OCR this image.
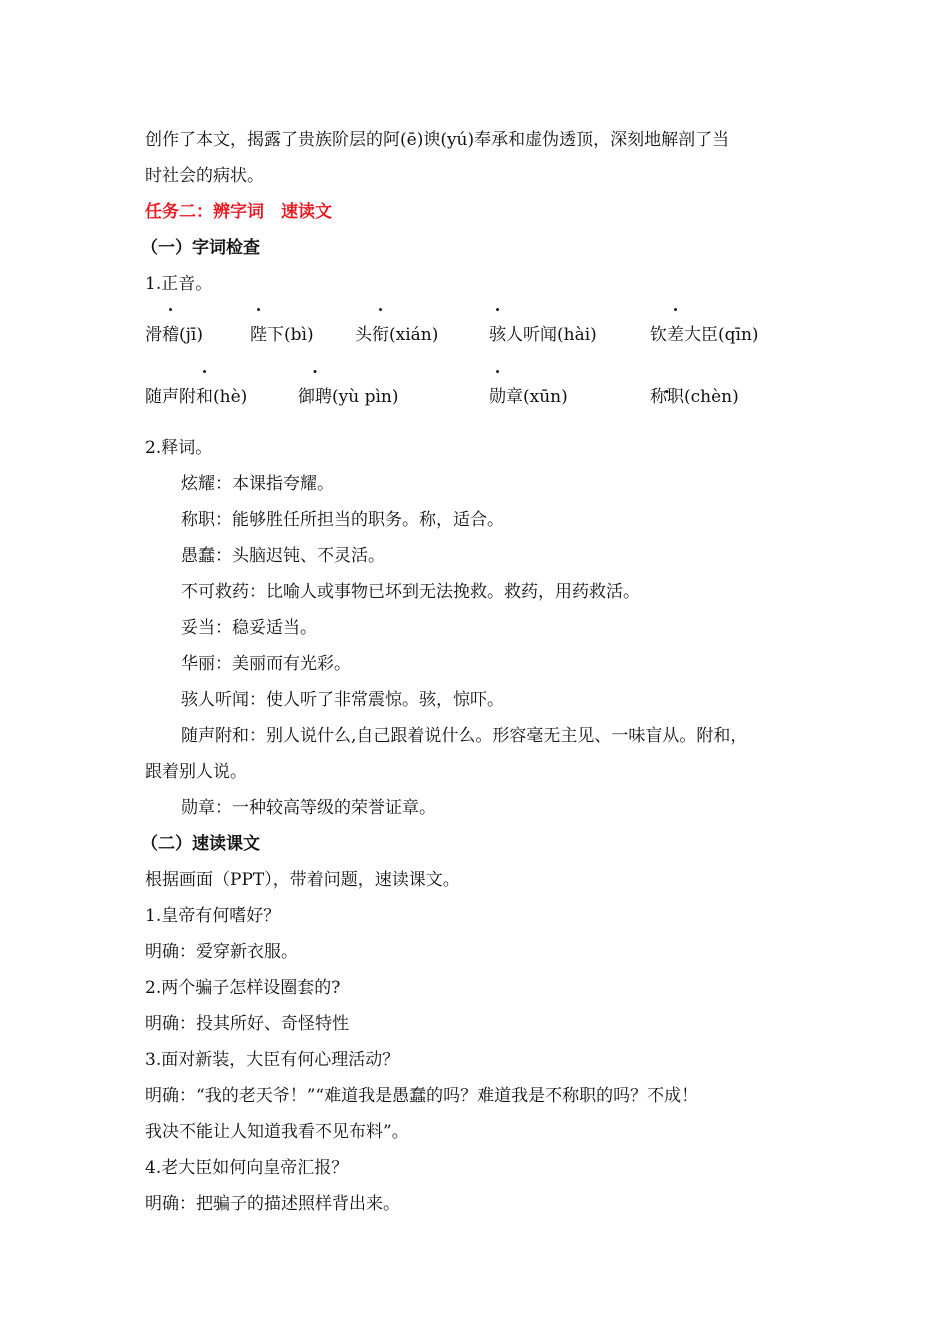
创作了本文，揭露了贵族阶层的阿(ē)谀(yú)奉承和虚伪透顶，深刻地解剖了当
时社会的病状。
任务二：辨字词　速读文
（一）字词检查
1.正音。
滑稽(jī)	陛下(bì) 头衔(xián)	骇人听闻(hài)	钦差大臣(qīn)
随声附和(hè)	御聘(yù pìn)	勋章(xūn)	称职(chèn)
2.释词。
炫耀：本课指夸耀。
称职：能够胜任所担当的职务。称，适合。
愚蠢：头脑迟钝、不灵活。
不可救药：比喻人或事物已坏到无法挽救。救药，用药救活。
妥当：稳妥适当。
华丽：美丽而有光彩。
骇人听闻：使人听了非常震惊。骇，惊吓。
随声附和：别人说什么,自己跟着说什么。形容毫无主见、一味盲从。附和，
跟着别人说。
勋章：一种较高等级的荣誉证章。
（二）速读课文
根据画面（PPT），带着问题，速读课文。
1.皇帝有何嗜好？
明确：爱穿新衣服。
2.两个骗子怎样设圈套的?
明确：投其所好、奇怪特性
3.面对新装，大臣有何心理活动？
明确：“我的老天爷！”“难道我是愚蠢的吗？难道我是不称职的吗？不成！
我决不能让人知道我看不见布料”。
4.老大臣如何向皇帝汇报？
明确：把骗子的描述照样背出来。
